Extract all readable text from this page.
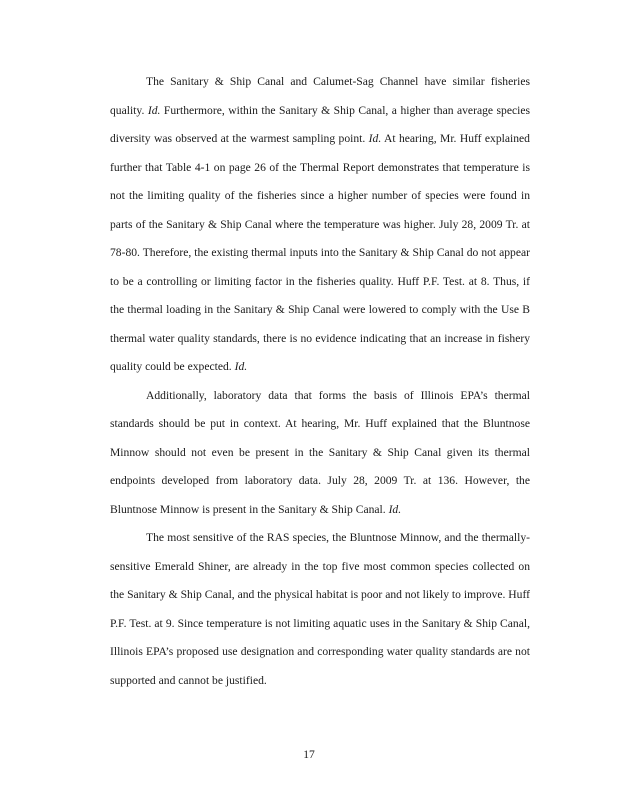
The Sanitary & Ship Canal and Calumet-Sag Channel have similar fisheries quality. Id. Furthermore, within the Sanitary & Ship Canal, a higher than average species diversity was observed at the warmest sampling point. Id. At hearing, Mr. Huff explained further that Table 4-1 on page 26 of the Thermal Report demonstrates that temperature is not the limiting quality of the fisheries since a higher number of species were found in parts of the Sanitary & Ship Canal where the temperature was higher. July 28, 2009 Tr. at 78-80. Therefore, the existing thermal inputs into the Sanitary & Ship Canal do not appear to be a controlling or limiting factor in the fisheries quality. Huff P.F. Test. at 8. Thus, if the thermal loading in the Sanitary & Ship Canal were lowered to comply with the Use B thermal water quality standards, there is no evidence indicating that an increase in fishery quality could be expected. Id.

Additionally, laboratory data that forms the basis of Illinois EPA’s thermal standards should be put in context. At hearing, Mr. Huff explained that the Bluntnose Minnow should not even be present in the Sanitary & Ship Canal given its thermal endpoints developed from laboratory data. July 28, 2009 Tr. at 136. However, the Bluntnose Minnow is present in the Sanitary & Ship Canal. Id.

The most sensitive of the RAS species, the Bluntnose Minnow, and the thermally-sensitive Emerald Shiner, are already in the top five most common species collected on the Sanitary & Ship Canal, and the physical habitat is poor and not likely to improve. Huff P.F. Test. at 9. Since temperature is not limiting aquatic uses in the Sanitary & Ship Canal, Illinois EPA’s proposed use designation and corresponding water quality standards are not supported and cannot be justified.

17
